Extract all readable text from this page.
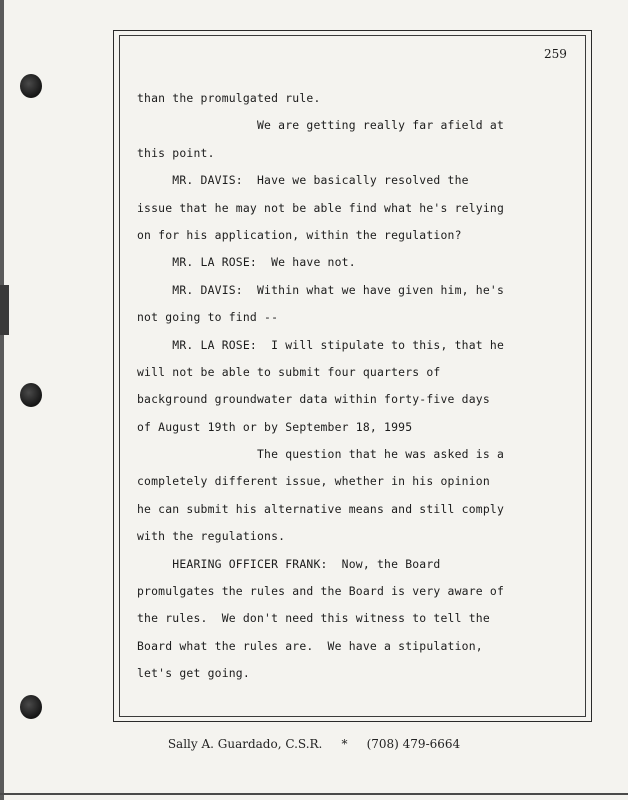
259
than the promulgated rule.
We are getting really far afield at
this point.
MR. DAVIS:  Have we basically resolved the
issue that he may not be able find what he's relying
on for his application, within the regulation?
MR. LA ROSE:  We have not.
MR. DAVIS:  Within what we have given him, he's
not going to find --
MR. LA ROSE:  I will stipulate to this, that he
will not be able to submit four quarters of
background groundwater data within forty-five days
of August 19th or by September 18, 1995
The question that he was asked is a
completely different issue, whether in his opinion
he can submit his alternative means and still comply
with the regulations.
HEARING OFFICER FRANK:  Now, the Board
promulgates the rules and the Board is very aware of
the rules.  We don't need this witness to tell the
Board what the rules are.  We have a stipulation,
let's get going.
Sally A. Guardado, C.S.R. * (708) 479-6664
